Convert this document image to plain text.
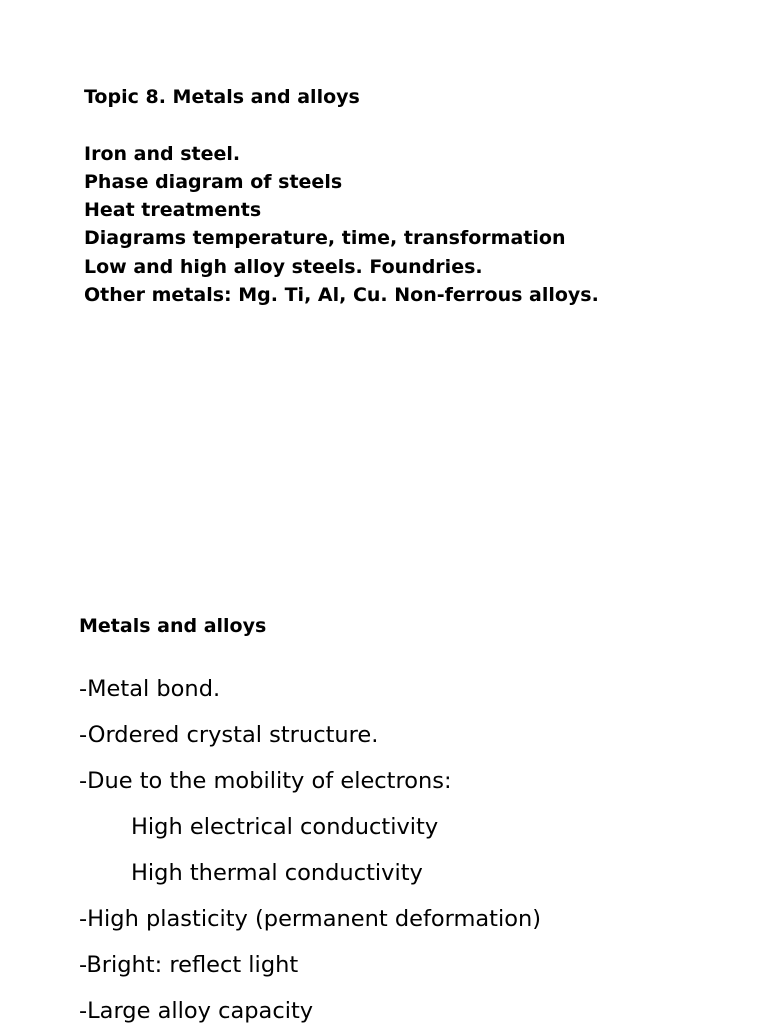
Topic 8. Metals and alloys
Iron and steel.
Phase diagram of steels
Heat treatments
Diagrams temperature, time, transformation
Low and high alloy steels. Foundries.
Other metals: Mg. Ti, Al, Cu. Non-ferrous alloys.
Metals and alloys
-Metal bond.
-Ordered crystal structure.
-Due to the mobility of electrons:
High electrical conductivity
High thermal conductivity
-High plasticity (permanent deformation)
-Bright: reflect light
-Large alloy capacity
